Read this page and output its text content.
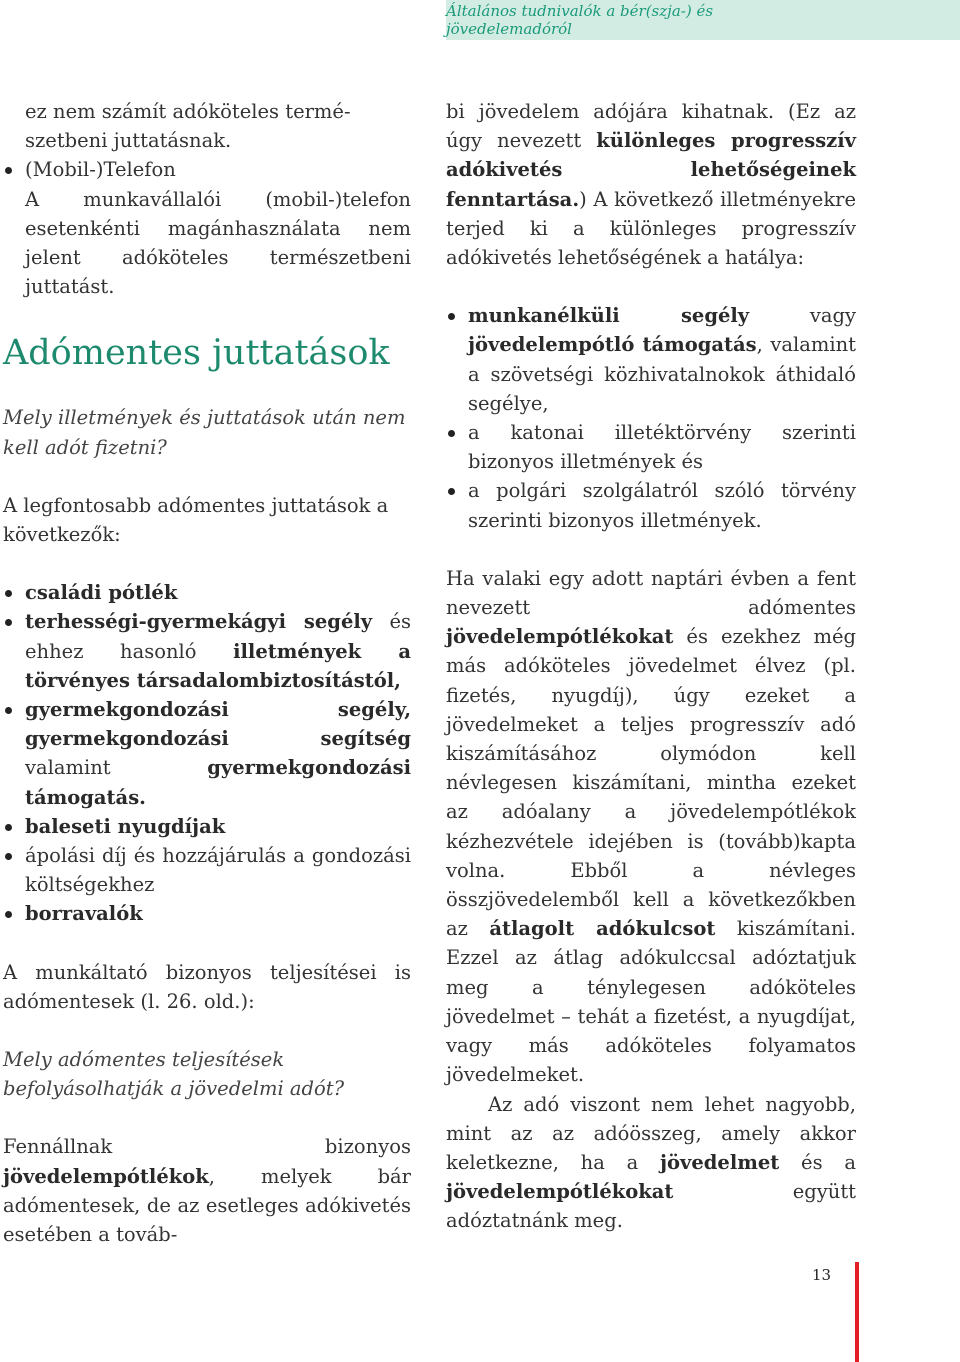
Általános tudnivalók a bér(szja-) és jövedelemadóról

ez nem számít adóköteles termé-
szetbeni juttatásnak.

(Mobil-)Telefon
A munkavállalói (mobil-)telefon esetenkénti magánhasználata nem jelent adóköteles természetbeni juttatást.
Adómentes juttatások

Mely illetmények és juttatások után nem kell adót fizetni?

A legfontosabb adómentes juttatások a következők:

családi pótlék
terhességi-gyermekágyi segély és ehhez hasonló illetmények a törvényes társadalombiztosítástól,
gyermekgondozási segély, gyermekgondozási segítség valamint gyermekgondozási támogatás.
baleseti nyugdíjak
ápolási díj és hozzájárulás a gondozási költségekhez
borravalók

A munkáltató bizonyos teljesítései is adómentesek (l. 26. old.):

Mely adómentes teljesítések befolyásolhatják a jövedelmi adót?

Fennállnak bizonyos jövedelempótlékok, melyek bár adómentesek, de az esetleges adókivetés esetében a továb-

bi jövedelem adójára kihatnak. (Ez az úgy nevezett különleges progresszív adókivetés lehetőségeinek fenntartása.) A következő illetményekre terjed ki a különleges progresszív adókivetés lehetőségének a hatálya:

munkanélküli segély vagy jövedelempótló támogatás, valamint a szövetségi közhivatalnokok áthidaló segélye,
a katonai illetéktörvény szerinti bizonyos illetmények és
a polgári szolgálatról szóló törvény szerinti bizonyos illetmények.

Ha valaki egy adott naptári évben a fent nevezett adómentes jövedelempótlékokat és ezekhez még más adóköteles jövedelmet élvez (pl. fizetés, nyugdíj), úgy ezeket a jövedelmeket a teljes progresszív adó kiszámításához olymódon kell névlegesen kiszámítani, mintha ezeket az adóalany a jövedelempótlékok kézhezvétele idejében is (tovább)kapta volna. Ebből a névleges összjövedelemből kell a következőkben az átlagolt adókulcsot kiszámítani. Ezzel az átlag adókulccsal adóztatjuk meg a ténylegesen adóköteles jövedelmet – tehát a fizetést, a nyugdíjat, vagy más adóköteles folyamatos jövedelmeket.

Az adó viszont nem lehet nagyobb, mint az az adóösszeg, amely akkor keletkezne, ha a jövedelmet és a jövedelempótlékokat együtt adóztatnánk meg.

13
